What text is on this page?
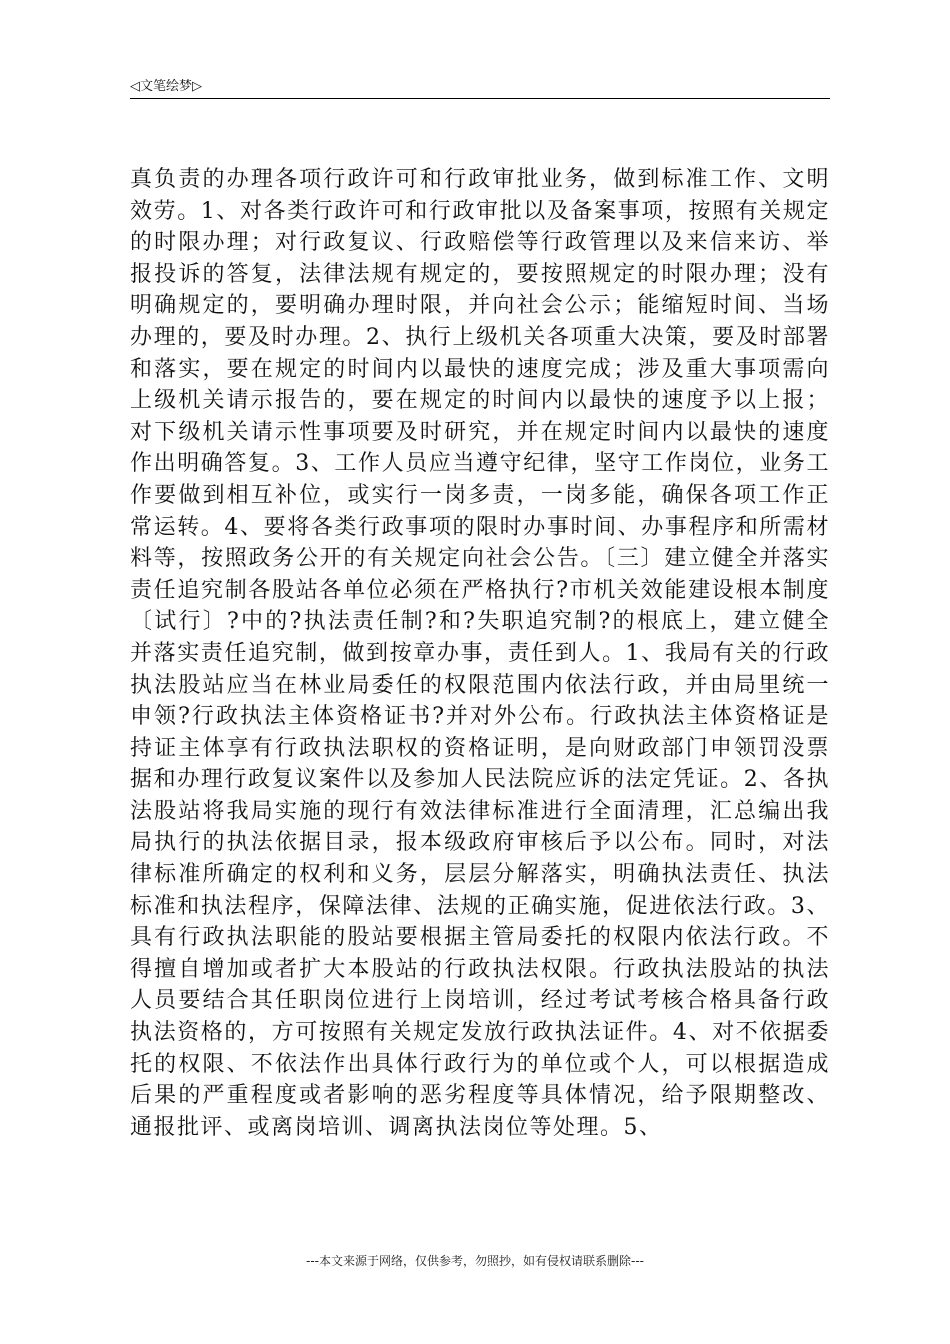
◁文笔绘梦▷

真负责的办理各项行政许可和行政审批业务，做到标准工作、文明效劳。1、对各类行政许可和行政审批以及备案事项，按照有关规定的时限办理；对行政复议、行政赔偿等行政管理以及来信来访、举报投诉的答复，法律法规有规定的，要按照规定的时限办理；没有明确规定的，要明确办理时限，并向社会公示；能缩短时间、当场办理的，要及时办理。2、执行上级机关各项重大决策，要及时部署和落实，要在规定的时间内以最快的速度完成；涉及重大事项需向上级机关请示报告的，要在规定的时间内以最快的速度予以上报；对下级机关请示性事项要及时研究，并在规定时间内以最快的速度作出明确答复。3、工作人员应当遵守纪律，坚守工作岗位，业务工作要做到相互补位，或实行一岗多责，一岗多能，确保各项工作正常运转。4、要将各类行政事项的限时办事时间、办事程序和所需材料等，按照政务公开的有关规定向社会公告。〔三〕建立健全并落实责任追究制各股站各单位必须在严格执行?市机关效能建设根本制度〔试行〕?中的?执法责任制?和?失职追究制?的根底上，建立健全并落实责任追究制，做到按章办事，责任到人。1、我局有关的行政执法股站应当在林业局委任的权限范围内依法行政，并由局里统一申领?行政执法主体资格证书?并对外公布。行政执法主体资格证是持证主体享有行政执法职权的资格证明，是向财政部门申领罚没票据和办理行政复议案件以及参加人民法院应诉的法定凭证。2、各执法股站将我局实施的现行有效法律标准进行全面清理，汇总编出我局执行的执法依据目录，报本级政府审核后予以公布。同时，对法律标准所确定的权利和义务，层层分解落实，明确执法责任、执法标准和执法程序，保障法律、法规的正确实施，促进依法行政。3、具有行政执法职能的股站要根据主管局委托的权限内依法行政。不得擅自增加或者扩大本股站的行政执法权限。行政执法股站的执法人员要结合其任职岗位进行上岗培训，经过考试考核合格具备行政执法资格的，方可按照有关规定发放行政执法证件。4、对不依据委托的权限、不依法作出具体行政行为的单位或个人，可以根据造成后果的严重程度或者影响的恶劣程度等具体情况，给予限期整改、通报批评、或离岗培训、调离执法岗位等处理。5、

---本文来源于网络，仅供参考，勿照抄，如有侵权请联系删除---
